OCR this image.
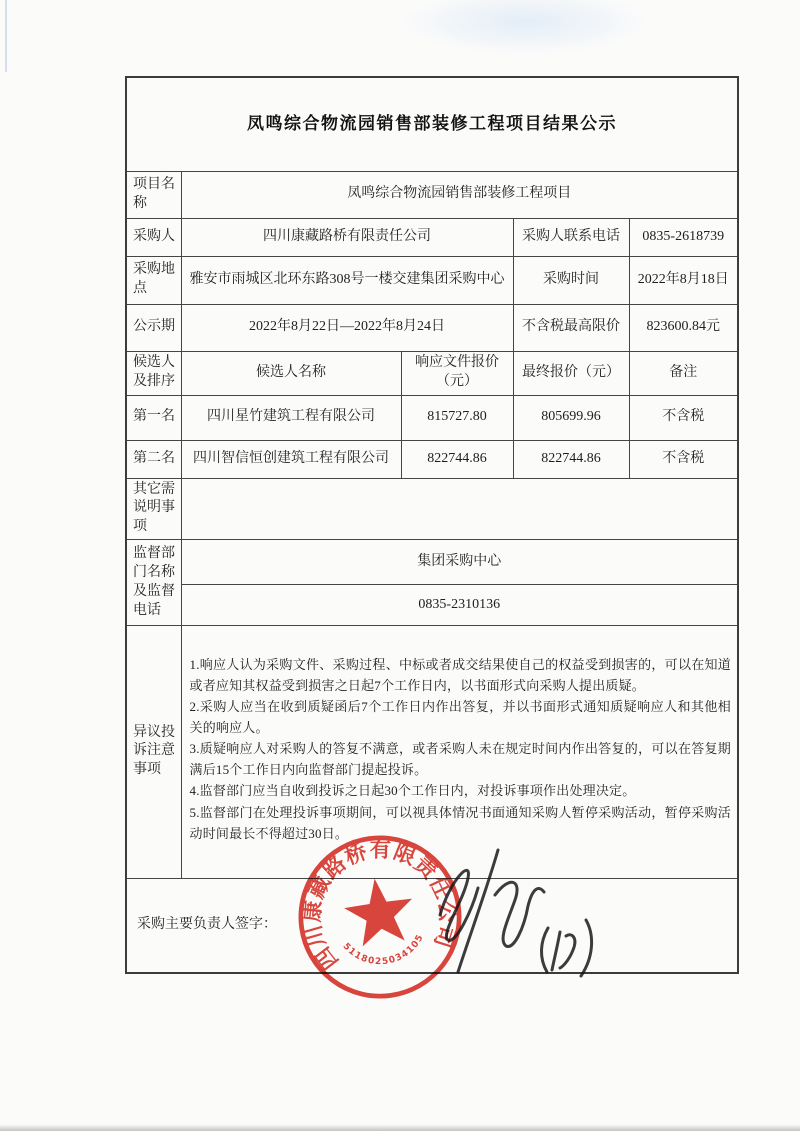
凤鸣综合物流园销售部装修工程项目结果公示				
项目名称	凤鸣综合物流园销售部装修工程项目			
采购人	四川康藏路桥有限责任公司		采购人联系电话	0835-2618739
采购地点	雅安市雨城区北环东路308号一楼交建集团采购中心		采购时间	2022年8月18日
公示期	2022年8月22日—2022年8月24日		不含税最高限价	823600.84元
候选人及排序	候选人名称	响应文件报价（元）	最终报价（元）	备注
第一名	四川星竹建筑工程有限公司	815727.80	805699.96	不含税
第二名	四川智信恒创建筑工程有限公司	822744.86	822744.86	不含税
其它需说明事项				
监督部门名称及监督电话	集团采购中心			
	0835-2310136			
异议投诉注意事项	1.响应人认为采购文件、采购过程、中标或者成交结果使自己的权益受到损害的，可以在知道或者应知其权益受到损害之日起7个工作日内，以书面形式向采购人提出质疑。

2.采购人应当在收到质疑函后7个工作日内作出答复，并以书面形式通知质疑响应人和其他相关的响应人。

3.质疑响应人对采购人的答复不满意，或者采购人未在规定时间内作出答复的，可以在答复期满后15个工作日内向监督部门提起投诉。

4.监督部门应当自收到投诉之日起30个工作日内，对投诉事项作出处理决定。

5.监督部门在处理投诉事项期间，可以视具体情况书面通知采购人暂停采购活动，暂停采购活动时间最长不得超过30日。			

采购主要负责人签字：				
四川康藏路桥有限责任公司
5118025034105
